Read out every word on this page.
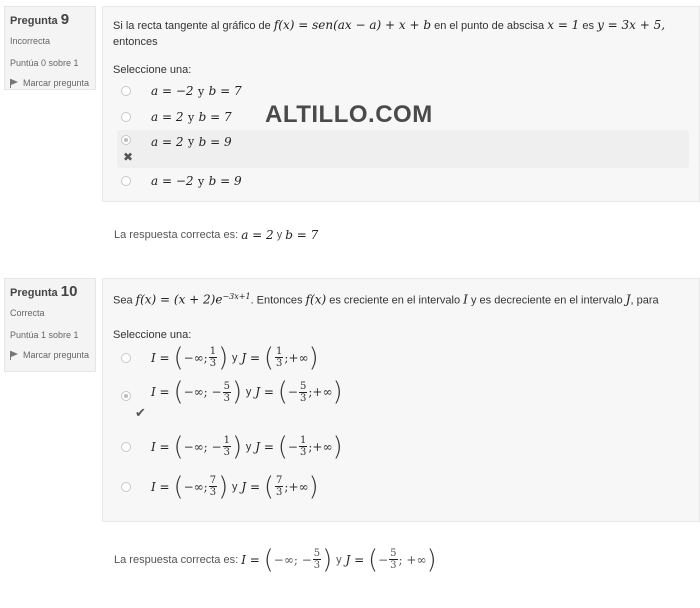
Pregunta 9
Incorrecta
Puntúa 0 sobre 1
Marcar pregunta
Si la recta tangente al gráfico de f(x) = sen(ax − a) + x + b en el punto de abscisa x = 1 es y = 3x + 5,
entonces
Seleccione una:
a = −2
y
b = 7
a = 2
y
b = 7
a = 2
y
b = 9
✖
a = −2
y
b = 9
La respuesta correcta es:
a = 2
y
b = 7
ALTILLO.COM
Pregunta 10
Correcta
Puntúa 1 sobre 1
Marcar pregunta
Sea $f(x) = (x + 2)e^{-3x+1}$. Entonces f(x) es creciente en el intervalo I y es decreciente en el intervalo J, para
Seleccione una:
I =
( −∞; $\frac{1}{3}$ )
y
J =
( $\frac{1}{3}$ ;+∞ )
I =
( −∞; − $\frac{5}{3}$ )
y
J =
( − $\frac{5}{3}$ ;+∞ )
✔
I =
( −∞; − $\frac{1}{3}$ )
y
J =
( − $\frac{1}{3}$ ;+∞ )
I =
( −∞; $\frac{7}{3}$ )
y
J =
( $\frac{7}{3}$ ;+∞ )
La respuesta correcta es:
I =
( −∞; − $\frac{5}{3}$ )
y
J =
( − $\frac{5}{3}$ ; +∞ )
